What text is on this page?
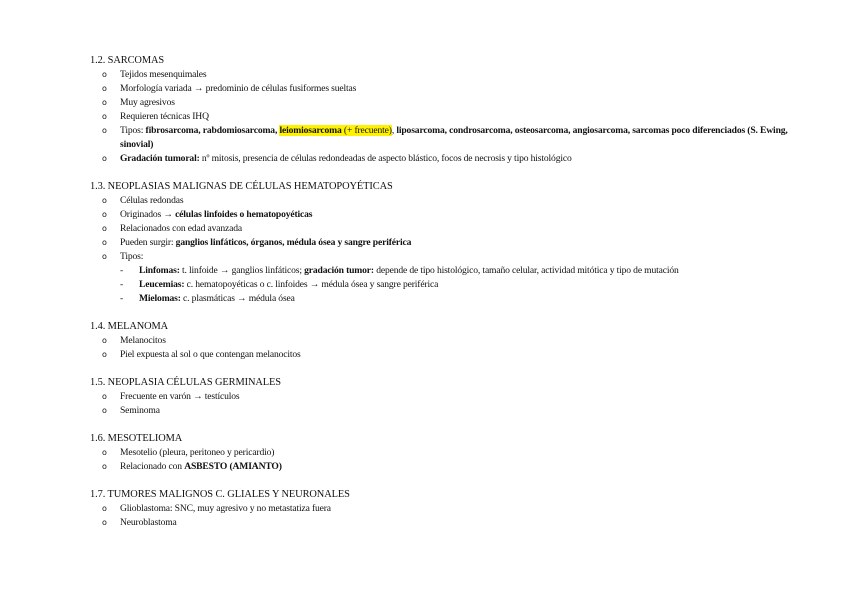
1.2. SARCOMAS
o Tejidos mesenquimales
o Morfología variada → predominio de células fusiformes sueltas
o Muy agresivos
o Requieren técnicas IHQ
o Tipos: fibrosarcoma, rabdomiosarcoma, leiomiosarcoma (+ frecuente), liposarcoma, condrosarcoma, osteosarcoma, angiosarcoma, sarcomas poco diferenciados (S. Ewing, sinovial)
o Gradación tumoral: nº mitosis, presencia de células redondeadas de aspecto blástico, focos de necrosis y tipo histológico
1.3. NEOPLASIAS MALIGNAS DE CÉLULAS HEMATOPOYÉTICAS
o Células redondas
o Originados → células linfoides o hematopoyéticas
o Relacionados con edad avanzada
o Pueden surgir: ganglios linfáticos, órganos, médula ósea y sangre periférica
o Tipos:
- Linfomas: t. linfoide → ganglios linfáticos; gradación tumor: depende de tipo histológico, tamaño celular, actividad mitótica y tipo de mutación
- Leucemias: c. hematopoyéticas o c. linfoides → médula ósea y sangre periférica
- Mielomas: c. plasmáticas → médula ósea
1.4. MELANOMA
o Melanocitos
o Piel expuesta al sol o que contengan melanocitos
1.5. NEOPLASIA CÉLULAS GERMINALES
o Frecuente en varón → testículos
o Seminoma
1.6. MESOTELIOMA
o Mesotelio (pleura, peritoneo y pericardio)
o Relacionado con ASBESTO (AMIANTO)
1.7. TUMORES MALIGNOS C. GLIALES Y NEURONALES
o Glioblastoma: SNC, muy agresivo y no metastatiza fuera
o Neuroblastoma
